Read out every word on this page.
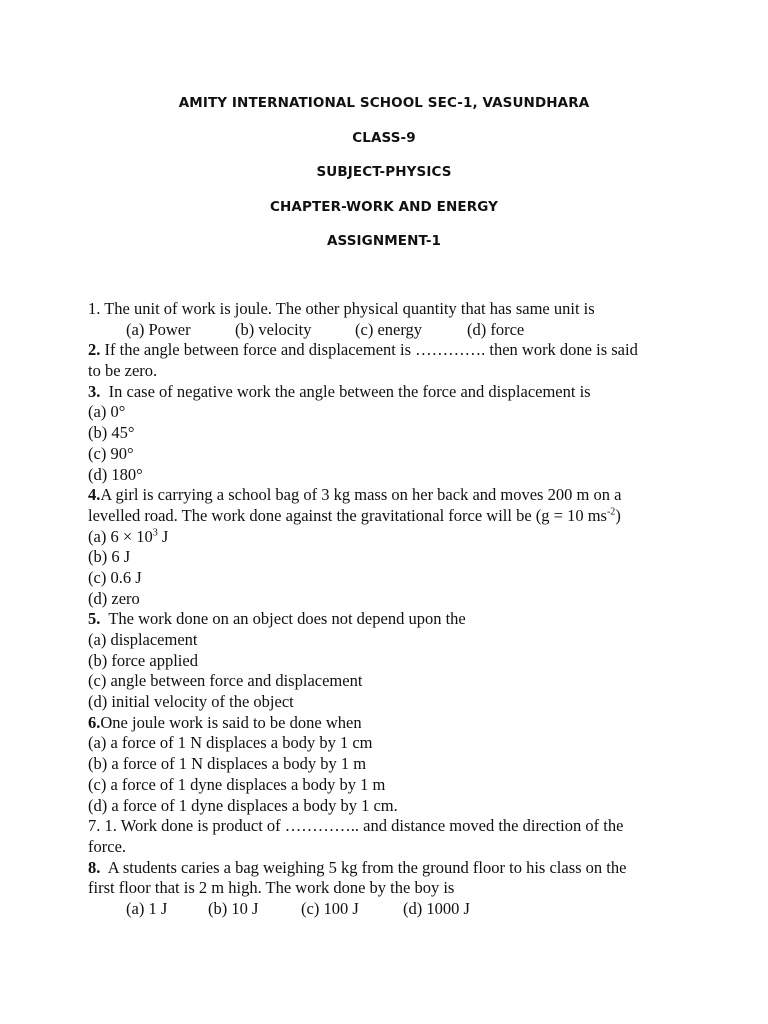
AMITY INTERNATIONAL SCHOOL SEC-1, VASUNDHARA
CLASS-9
SUBJECT-PHYSICS
CHAPTER-WORK AND ENERGY
ASSIGNMENT-1
1. The unit of work is joule. The other physical quantity that has same unit is
(a) Power	(b) velocity	(c) energy	(d) force
2. If the angle between force and displacement is …………. then work done is said
to be zero.
3.  In case of negative work the angle between the force and displacement is
(a) 0°
(b) 45°
(c) 90°
(d) 180°
4.A girl is carrying a school bag of 3 kg mass on her back and moves 200 m on a
levelled road. The work done against the gravitational force will be (g = 10 $ms^{-2}$)
(a) $6 \times 10^3$ J
(b) 6 J
(c) 0.6 J
(d) zero
5.  The work done on an object does not depend upon the
(a) displacement
(b) force applied
(c) angle between force and displacement
(d) initial velocity of the object
6.One joule work is said to be done when
(a) a force of 1 N displaces a body by 1 cm
(b) a force of 1 N displaces a body by 1 m
(c) a force of 1 dyne displaces a body by 1 m
(d) a force of 1 dyne displaces a body by 1 cm.
7. 1. Work done is product of ………….. and distance moved the direction of the
force.
8.  A students caries a bag weighing 5 kg from the ground floor to his class on the
first floor that is 2 m high. The work done by the boy is
(a) 1 J (b) 10 J	(c) 100 J	(d) 1000 J
